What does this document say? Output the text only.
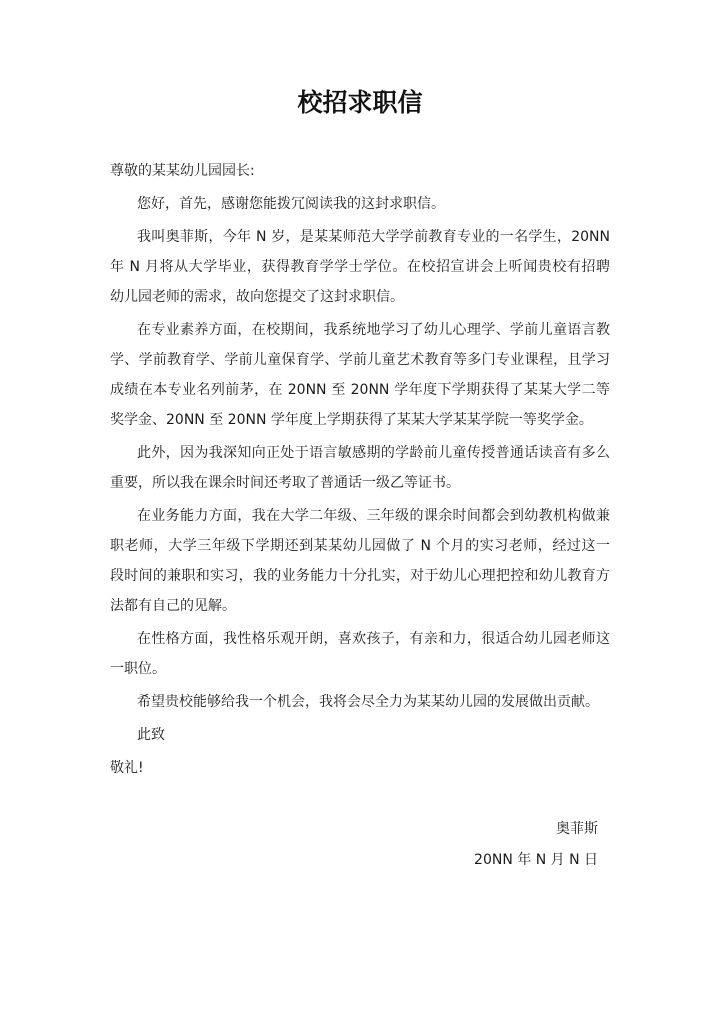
校招求职信
尊敬的某某幼儿园园长:
您好，首先，感谢您能拨冗阅读我的这封求职信。
我叫奥菲斯，今年 N 岁，是某某师范大学学前教育专业的一名学生，20NN
年 N 月将从大学毕业，获得教育学学士学位。在校招宣讲会上听闻贵校有招聘
幼儿园老师的需求，故向您提交了这封求职信。
在专业素养方面，在校期间，我系统地学习了幼儿心理学、学前儿童语言教
学、学前教育学、学前儿童保育学、学前儿童艺术教育等多门专业课程，且学习
成绩在本专业名列前茅，在 20NN 至 20NN 学年度下学期获得了某某大学二等
奖学金、20NN 至 20NN 学年度上学期获得了某某大学某某学院一等奖学金。
此外，因为我深知向正处于语言敏感期的学龄前儿童传授普通话读音有多么
重要，所以我在课余时间还考取了普通话一级乙等证书。
在业务能力方面，我在大学二年级、三年级的课余时间都会到幼教机构做兼
职老师，大学三年级下学期还到某某幼儿园做了 N 个月的实习老师，经过这一
段时间的兼职和实习，我的业务能力十分扎实，对于幼儿心理把控和幼儿教育方
法都有自己的见解。
在性格方面，我性格乐观开朗，喜欢孩子，有亲和力，很适合幼儿园老师这
一职位。
希望贵校能够给我一个机会，我将会尽全力为某某幼儿园的发展做出贡献。
此致
敬礼!
奥菲斯
20NN 年 N 月 N 日
